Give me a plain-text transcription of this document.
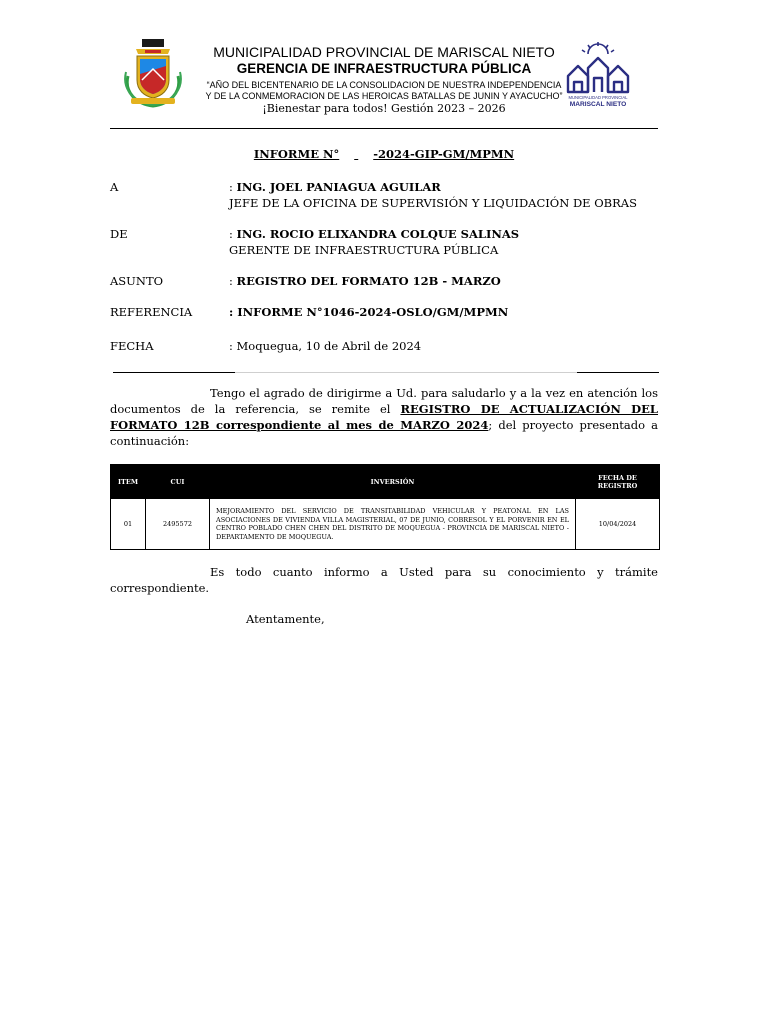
MUNICIPALIDAD PROVINCIAL DE MARISCAL NIETO
GERENCIA DE INFRAESTRUCTURA PÚBLICA
“AÑO DEL BICENTENARIO DE LA CONSOLIDACION DE NUESTRA INDEPENDENCIA
Y DE LA CONMEMORACION DE LAS HEROICAS BATALLAS DE JUNIN Y AYACUCHO”
¡Bienestar para todos! Gestión 2023 – 2026
MUNICIPALIDAD PROVINCIAL
MARISCAL NIETO
INFORME N°	-2024-GIP-GM/MPMN
A	: ING. JOEL PANIAGUA AGUILAR
JEFE DE LA OFICINA DE SUPERVISIÓN Y LIQUIDACIÓN DE OBRAS
DE	: ING. ROCIO ELIXANDRA COLQUE SALINAS
GERENTE DE INFRAESTRUCTURA PÚBLICA
ASUNTO	: REGISTRO DEL FORMATO 12B - MARZO
REFERENCIA	: INFORME N°1046-2024-OSLO/GM/MPMN
FECHA	: Moquegua, 10 de Abril de 2024
Tengo el agrado de dirigirme a Ud. para saludarlo y a la vez en atención los documentos de la referencia, se remite el REGISTRO DE ACTUALIZACIÓN DEL FORMATO 12B correspondiente al mes de MARZO 2024; del proyecto presentado a continuación:
ITEM	CUI	INVERSIÓN	FECHA DE REGISTRO
01	2495572	MEJORAMIENTO DEL SERVICIO DE TRANSITABILIDAD VEHICULAR Y PEATONAL EN LAS ASOCIACIONES DE VIVIENDA VILLA MAGISTERIAL, 07 DE JUNIO, COBRESOL Y EL PORVENIR EN EL CENTRO POBLADO CHEN CHEN DEL DISTRITO DE MOQUEGUA - PROVINCIA DE MARISCAL NIETO - DEPARTAMENTO DE MOQUEGUA.	10/04/2024
Es todo cuanto informo a Usted para su conocimiento y trámite correspondiente.
Atentamente,
